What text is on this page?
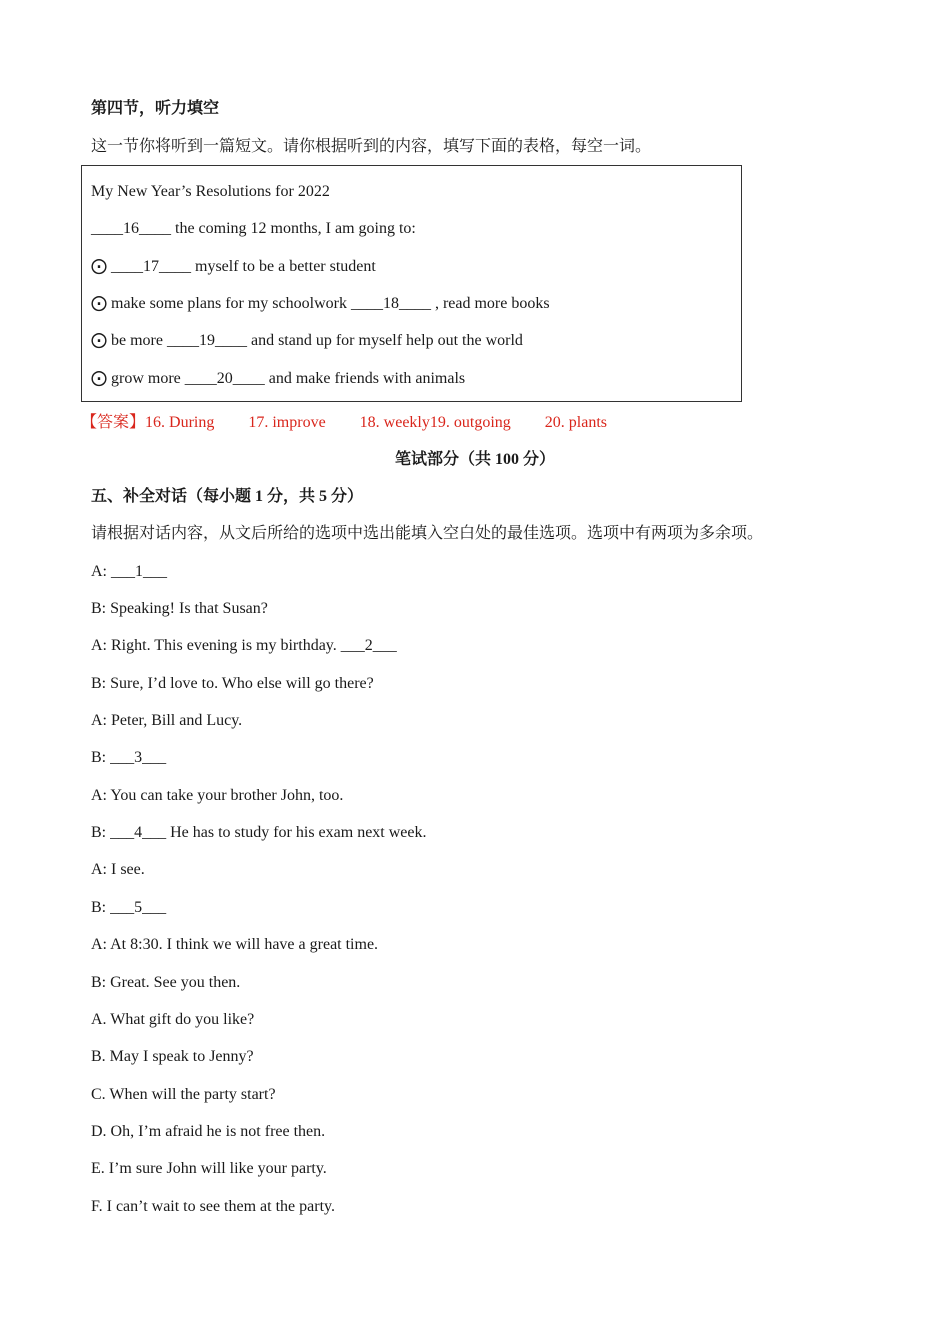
第四节，听力填空
这一节你将听到一篇短文。请你根据听到的内容，填写下面的表格，每空一词。
My New Year’s Resolutions for 2022
____16____ the coming 12 months, I am going to:
⨀ ____17____ myself to be a better student
⨀ make some plans for my schoolwork ____18____ , read more books
⨀ be more ____19____ and stand up for myself help out the world
⨀ grow more ____20____ and make friends with animals
【答案】16. During 17. improve 18. weekly19. outgoing 20. plants
笔试部分（共 100 分）
五、补全对话（每小题 1 分，共 5 分）
请根据对话内容，从文后所给的选项中选出能填入空白处的最佳选项。选项中有两项为多余项。
A: ___1___
B: Speaking! Is that Susan?
A: Right. This evening is my birthday. ___2___
B: Sure, I’d love to. Who else will go there?
A: Peter, Bill and Lucy.
B: ___3___
A: You can take your brother John, too.
B: ___4___ He has to study for his exam next week.
A: I see.
B: ___5___
A: At 8:30. I think we will have a great time.
B: Great. See you then.
A. What gift do you like?
B. May I speak to Jenny?
C. When will the party start?
D. Oh, I’m afraid he is not free then.
E. I’m sure John will like your party.
F. I can’t wait to see them at the party.
